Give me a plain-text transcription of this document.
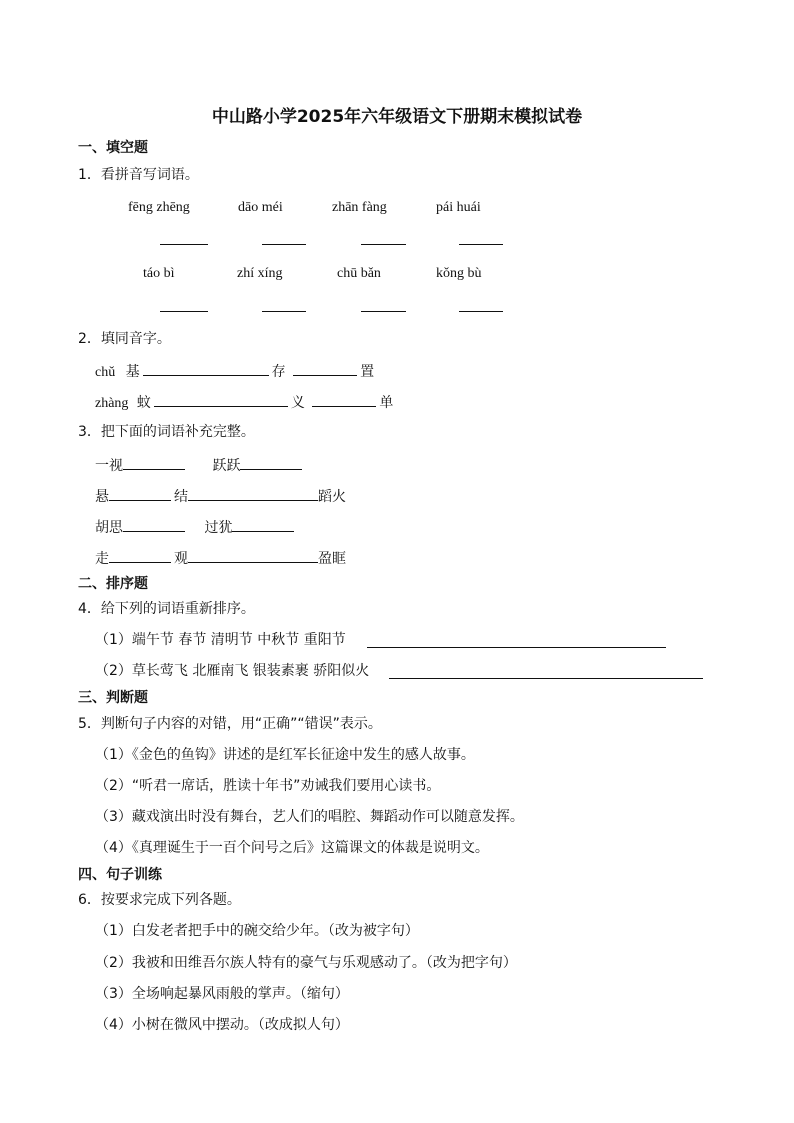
中山路小学2025年六年级语文下册期末模拟试卷
一、填空题
1．看拼音写词语。
fēng zhēng	dāo méi	zhān fàng	pái huái
táo bì	zhí xíng	chū bǎn	kǒng bù
2．填同音字。
chǔ 基	存	置
zhàng 蚊	义	单
3．把下面的词语补充完整。
一视	跃跃
悬	结	蹈火
胡思	过犹
走	观	盈眶
二、排序题
4．给下列的词语重新排序。
（1）端午节 春节 清明节 中秋节 重阳节
（2）草长莺飞 北雁南飞 银装素裹 骄阳似火
三、判断题
5．判断句子内容的对错，用“正确”“错误”表示。
（1）《金色的鱼钩》讲述的是红军长征途中发生的感人故事。
（2）“听君一席话，胜读十年书”劝诫我们要用心读书。
（3）藏戏演出时没有舞台，艺人们的唱腔、舞蹈动作可以随意发挥。
（4）《真理诞生于一百个问号之后》这篇课文的体裁是说明文。
四、句子训练
6．按要求完成下列各题。
（1）白发老者把手中的碗交给少年。（改为被字句）
（2）我被和田维吾尔族人特有的豪气与乐观感动了。（改为把字句）
（3）全场响起暴风雨般的掌声。（缩句）
（4）小树在微风中摆动。（改成拟人句）
